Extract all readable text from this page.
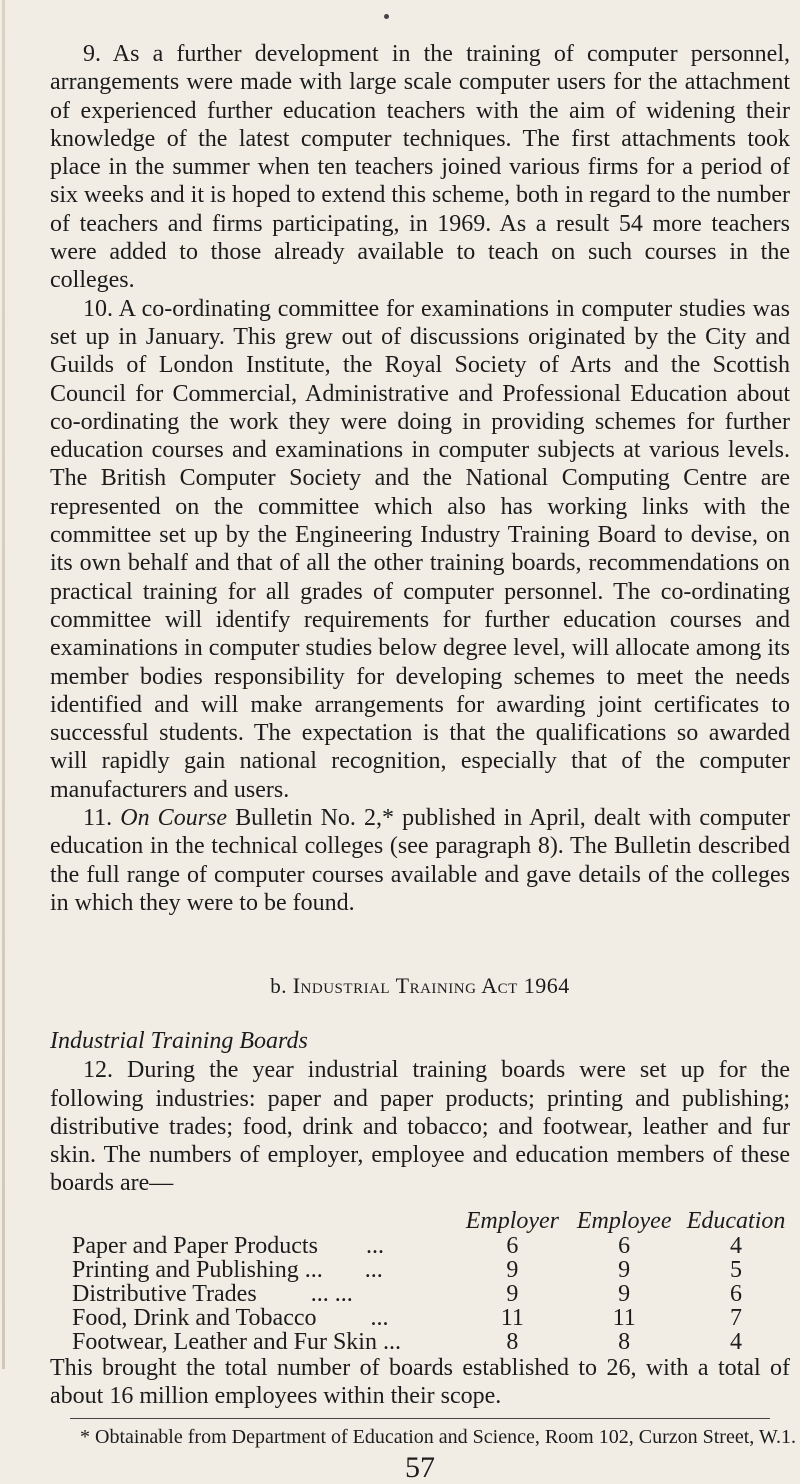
9. As a further development in the training of computer personnel, arrangements were made with large scale computer users for the attachment of experienced further education teachers with the aim of widening their knowledge of the latest computer techniques. The first attachments took place in the summer when ten teachers joined various firms for a period of six weeks and it is hoped to extend this scheme, both in regard to the number of teachers and firms participating, in 1969. As a result 54 more teachers were added to those already available to teach on such courses in the colleges.

10. A co-ordinating committee for examinations in computer studies was set up in January. This grew out of discussions originated by the City and Guilds of London Institute, the Royal Society of Arts and the Scottish Council for Commercial, Administrative and Professional Education about co-ordinating the work they were doing in providing schemes for further education courses and examinations in computer subjects at various levels. The British Computer Society and the National Computing Centre are represented on the committee which also has working links with the committee set up by the Engineering Industry Training Board to devise, on its own behalf and that of all the other training boards, recommendations on practical training for all grades of computer personnel. The co-ordinating committee will identify requirements for further education courses and examinations in computer studies below degree level, will allocate among its member bodies responsibility for developing schemes to meet the needs identified and will make arrangements for awarding joint certificates to successful students. The expectation is that the qualifications so awarded will rapidly gain national recognition, especially that of the computer manufacturers and users.

11. On Course Bulletin No. 2,* published in April, dealt with computer education in the technical colleges (see paragraph 8). The Bulletin described the full range of computer courses available and gave details of the colleges in which they were to be found.

b. Industrial Training Act 1964
Industrial Training Boards

12. During the year industrial training boards were set up for the following industries: paper and paper products; printing and publishing; distributive trades; food, drink and tobacco; and footwear, leather and fur skin. The numbers of employer, employee and education members of these boards are—

	Employer	Employee	Education
Paper and Paper Products ...	6	6	4
Printing and Publishing ... ...	9	9	5
Distributive Trades ... ...	9	9	6
Food, Drink and Tobacco ...	11	11	7
Footwear, Leather and Fur Skin ...	8	8	4

This brought the total number of boards established to 26, with a total of about 16 million employees within their scope.

* Obtainable from Department of Education and Science, Room 102, Curzon Street, W.1.
57
